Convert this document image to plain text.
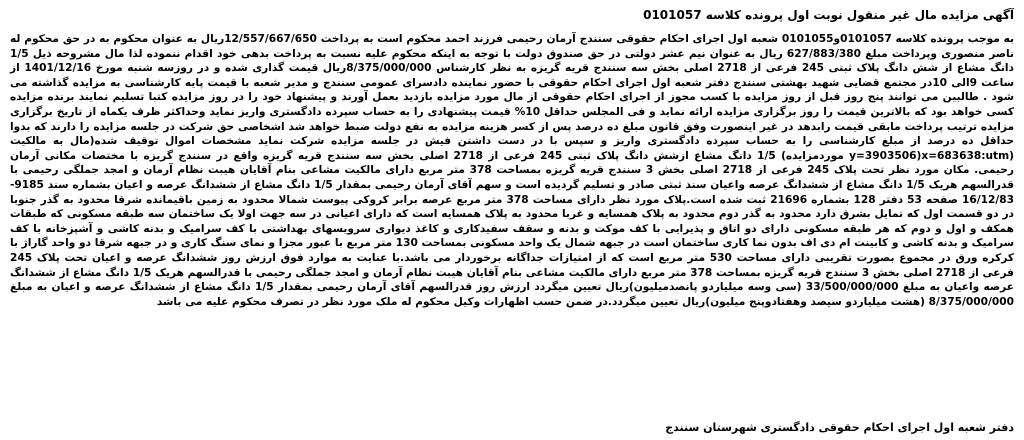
آگهی مزایده مال غیر منقول نوبت اول پرونده کلاسه 0101057

به موجب پرونده کلاسه 0101057و0101055 شعبه اول اجرای احکام حقوقی سنندج آرمان رحیمی فرزند احمد محکوم است به پرداخت 12/557/667/650ریال به عنوان محکوم به در حق محکوم له ناصر منصوری وپرداخت مبلغ 627/883/380 ریال به عنوان نیم عشر دولتی در حق صندوق دولت با توجه به اینکه محکوم علیه نسبت به پرداخت بدهی خود اقدام ننموده لذا مال مشروحه ذیل 1/5 دانگ مشاع از شش دانگ پلاک ثبتی 245 فرعی از 2718 اصلی بخش سه سنندج قریه گریزه به نظر کارشناس 8/375/000/000ریال قیمت گذاری شده و در روزسه شنبه مورخ 1401/12/16 از ساعت 9الی 10در مجتمع قضایی شهید بهشتی سنندج دفتر شعبه اول اجرای احکام حقوقی با حضور نماینده دادسرای عمومی سنندج و مدیر شعبه با قیمت پایه کارشناسی به مزایده گذاشته می شود . طالبین می توانند پنج روز قبل از روز مزایده با کسب مجوز از اجرای احکام حقوقی از مال مورد مزایده بازدید بعمل آورند و پیشنهاد خود را در روز مزایده کتبا تسلیم نمایند برنده مزایده کسی خواهد بود که بالاترین قیمت را روز برگزاری مزایده ارائه نماید و فی المجلس حداقل 10% قیمت پیشنهادی را به حساب سپرده دادگستری واریز نماید وحداکثر ظرف یکماه از تاریخ برگزاری مزایده ترتیب پرداخت مابقی قیمت رابدهد در غیر اینصورت وفق قانون مبلغ ده درصد پس از کسر هزینه مزایده به نفع دولت ضبط خواهد شد اشخاصی حق شرکت در جلسه مزایده را دارند که بدوا حداقل ده درصد از مبلغ کارشناسی را به حساب سپرده دادگستری واریز و سپس با در دست داشتن فیش در جلسه مزایده شرکت نماید مشخصات اموال توقیف شده(مال به مالکیت (x=683638:utm(y=3903506 موردمزایده) 1/5 دانگ مشاع ازشش دانگ پلاک ثبتی 245 فرعی از 2718 اصلی بخش سه سنندج قریه گریزه واقع در سنندج گریزه با مختصات مکانی آرمان رحیمی. مکان مورد نظر تحت پلاک 245 فرعی از 2718 اصلی بخش 3 سنندج قریه گریزه بمساحت 378 متر مربع دارای مالکیت مشاعی بنام آقایان هیبت نظام آرمان و امجد جملگی رحیمی با قدرالسهم هریک 1/5 دانگ مشاع از ششدانگ عرصه واعیان سند ثبتی صادر و تسلیم گردیده است و سهم آقای آرمان رحیمی بمقدار 1/5 دانگ مشاع از ششدانگ عرصه و اعیان بشماره سند 9185-16/12/83 صفحه 53 دفتر 128 بشماره 21696 ثبت شده است.پلاک مورد نظر دارای مساحت 378 متر مربع عرصه برابر کروکی پیوست شمالا محدود به زمین باقیمانده شرقا محدود به گذر جنوبا در دو قسمت اول که تمایل بشرق دارد محدود به گذر دوم محدود به پلاک همسایه و غربا محدود به پلاک همسایه است که دارای اعیانی در سه جهت اولا یک ساختمان سه طبقه مسکونی که طبقات همکف و اول و دوم که هر طبقه مسکونی دارای دو اتاق و پذیرایی با کف موکت و بدنه و سقف سفیدکاری و کاغذ دیواری سرویسهای بهداشتی با کف سرامیک و بدنه کاشی و آشپزخانه با کف سرامیک و بدنه کاشی و کابینت ام دی اف بدون نما کاری ساختمان است در جبهه شمال یک واحد مسکونی بمساحت 130 متر مربع با عبور مجزا و نمای سنگ کاری و در جبهه شرقا دو واحد گاراژ با کرکره ورق در مجموع بصورت تقریبی دارای مساحت 530 متر مربع است که از امتیازات جداگانه برخوردار می باشد.با عنایت به موارد فوق ارزش روز ششدانگ عرصه و اعیان تحت پلاک 245 فرعی از 2718 اصلی بخش 3 سنندج قریه گریزه بمساحت 378 متر مربع دارای مالکیت مشاعی بنام آقایان هیبت نظام آرمان و امجد جملگی رحیمی با قدرالسهم هریک 1/5 دانگ مشاع از ششدانگ عرصه واعیان به مبلغ 33/500/000/000 (سی وسه میلیاردو پانصدمیلیون)ریال تعیین میگردد ارزش روز قدرالسهم آقای آرمان رحیمی بمقدار 1/5 دانگ مشاع از ششدانگ عرصه و اعیان به مبلغ 8/375/000/000 (هشت میلیاردو سیصد وهفتادوپنج میلیون)ریال تعیین میگردد.در ضمن حسب اظهارات وکیل محکوم له ملک مورد نظر در تصرف محکوم علیه می باشد

دفتر شعبه اول اجرای احکام حقوقی دادگستری شهرستان سنندج
